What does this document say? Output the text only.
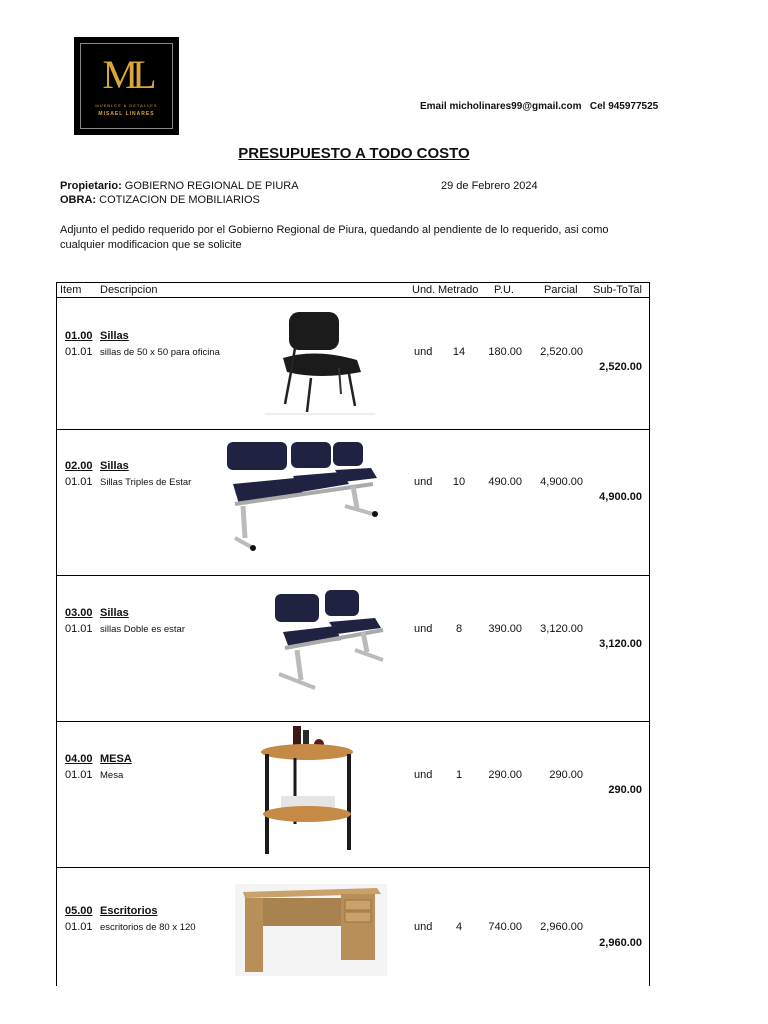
ML
MUEBLES & DETALLES
MISAEL LINARES
Email micholinares99@gmail.com Cel 945977525
PRESUPUESTO A TODO COSTO
Propietario: GOBIERNO REGIONAL DE PIURA
OBRA: COTIZACION DE MOBILIARIOS
29 de Febrero 2024
Adjunto el pedido requerido por el Gobierno Regional de Piura, quedando al pendiente de lo requerido, asi como cualquier modificacion que se solicite
Item Descripcion	Und. Metrado P.U.	Parcial Sub-ToTal
01.00 Sillas
01.01 sillas de 50 x 50 para oficina	und	14	180.00	2,520.00
2,520.00
02.00 Sillas
01.01 Sillas Triples de Estar	und	10	490.00	4,900.00
4,900.00
03.00 Sillas
01.01 sillas Doble es estar	und	8	390.00	3,120.00
3,120.00
04.00 MESA
01.01 Mesa	und	1	290.00	290.00
290.00
05.00 Escritorios
01.01 escritorios de 80 x 120	und	4	740.00	2,960.00
2,960.00
